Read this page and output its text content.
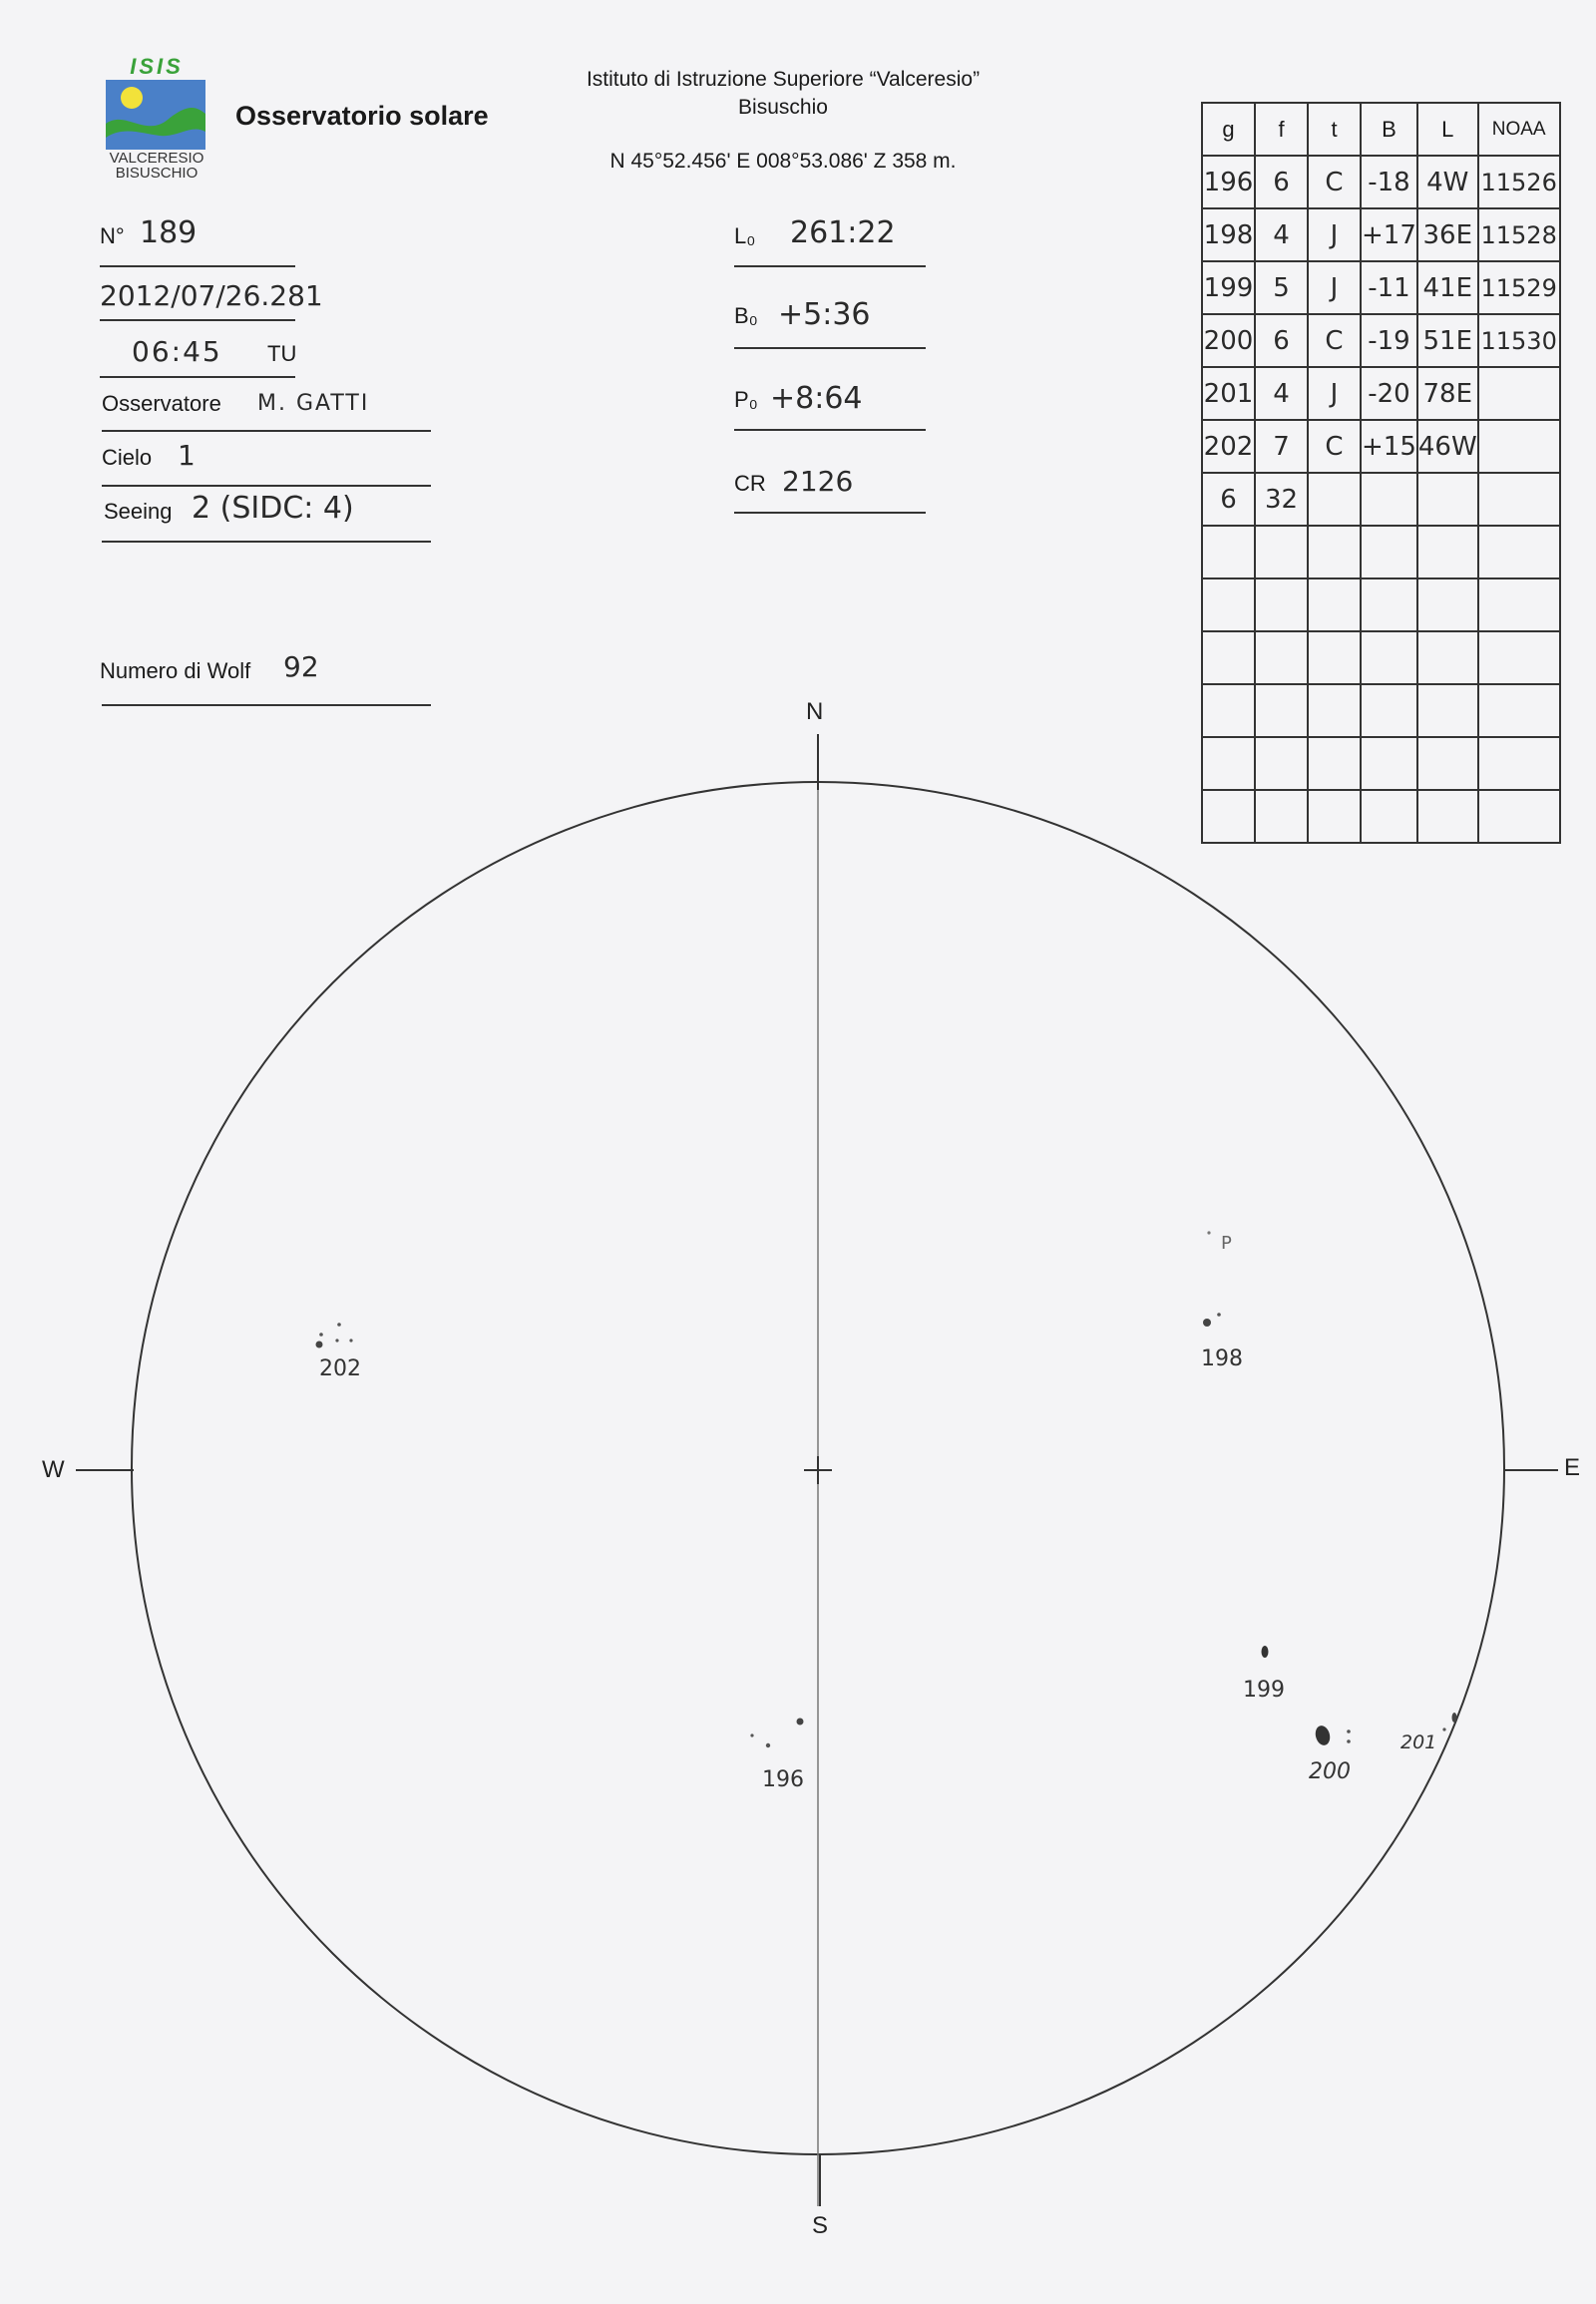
ISIS
VALCERESIO
BISUSCHIO
Osservatorio solare
Istituto di Istruzione Superiore “Valceresio”
Bisuschio
N 45°52.456' E 008°53.086' Z 358 m.
N° 189
2012/07/26.281
06:45 TU
Osservatore M. GATTI
Cielo 1
Seeing 2 (SIDC: 4)
Numero di Wolf 92
L₀ 261:22
B₀ +5:36
P₀ +8:64
CR 2126
g	f	t	B	L	NOAA
196	6	C	-18	4W	11526
198	4	J	+17	36E	11528
199	5	J	-11	41E	11529
200	6	C	-19	51E	11530
201	4	J	-20	78E	
202	7	C	+15	46W	
6	32				

N
S
E
W
P
202	198
199
200
201
196
